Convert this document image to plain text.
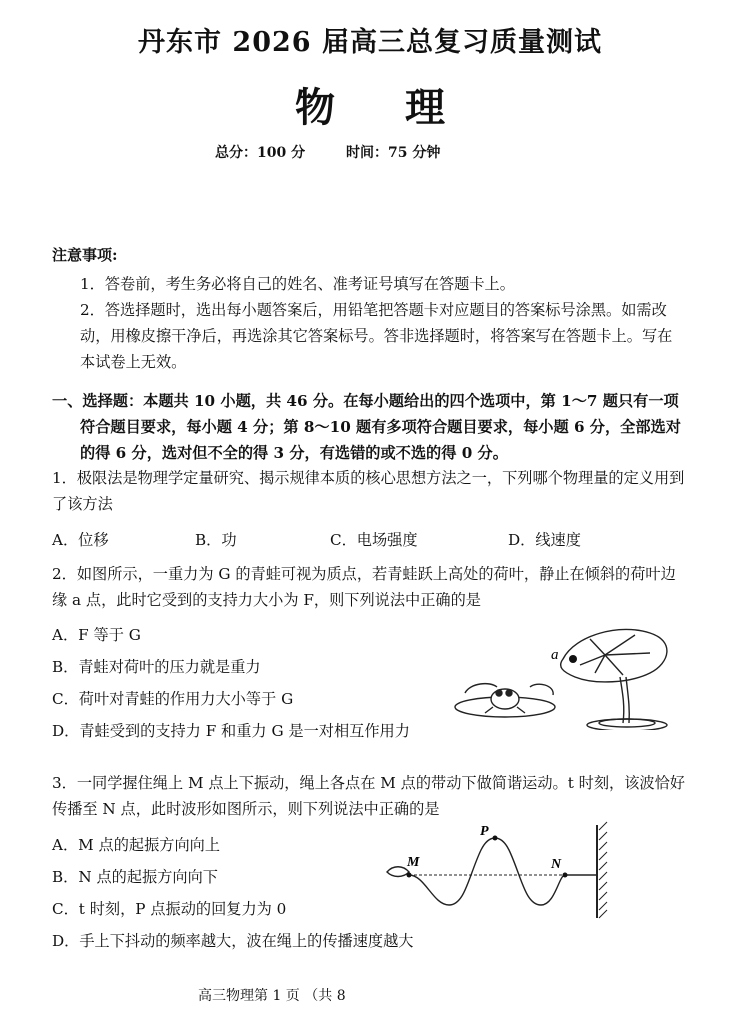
丹东市 2026 届高三总复习质量测试
物 理
总分：100 分	时间：75 分钟
注意事项:
1．答卷前，考生务必将自己的姓名、准考证号填写在答题卡上。
2．答选择题时，选出每小题答案后，用铅笔把答题卡对应题目的答案标号涂黑。如需改动，用橡皮擦干净后，再选涂其它答案标号。答非选择题时，将答案写在答题卡上。写在本试卷上无效。
一、选择题：本题共 10 小题，共 46 分。在每小题给出的四个选项中，第 1～7 题只有一项符合题目要求，每小题 4 分；第 8～10 题有多项符合题目要求，每小题 6 分，全部选对的得 6 分，选对但不全的得 3 分，有选错的或不选的得 0 分。
1．极限法是物理学定量研究、揭示规律本质的核心思想方法之一，下列哪个物理量的定义用到了该方法
A．位移	B．功	C．电场强度	D．线速度
2．如图所示，一重力为 G 的青蛙可视为质点，若青蛙跃上高处的荷叶，静止在倾斜的荷叶边缘 a 点，此时它受到的支持力大小为 F，则下列说法中正确的是
A．F 等于 G
B．青蛙对荷叶的压力就是重力
C．荷叶对青蛙的作用力大小等于 G
D．青蛙受到的支持力 F 和重力 G 是一对相互作用力
a
3．一同学握住绳上 M 点上下振动，绳上各点在 M 点的带动下做简谐运动。t 时刻，该波恰好传播至 N 点，此时波形如图所示，则下列说法中正确的是
A．M 点的起振方向向上
B．N 点的起振方向向下
C．t 时刻，P 点振动的回复力为 0
D．手上下抖动的频率越大，波在绳上的传播速度越大
M
P
N
高三物理第 1 页 （共 8
